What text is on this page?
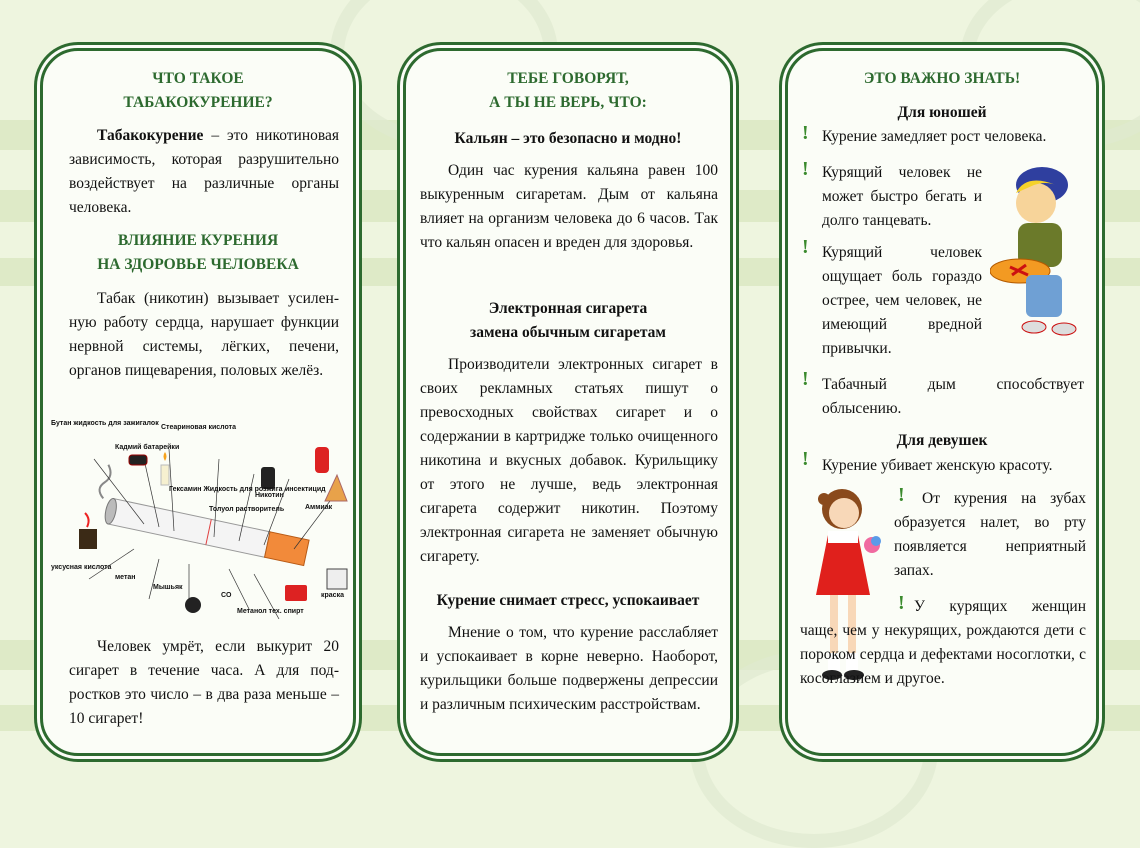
ЧТО ТАКОЕ
ТАБАКОКУРЕНИЕ?

Табакокурение – это никотиновая зависимость, которая разрушительно воздействует на различные органы человека.

ВЛИЯНИЕ КУРЕНИЯ
НА ЗДОРОВЬЕ ЧЕЛОВЕКА

Табак (никотин) вызывает усиленную работу сердца, нарушает функции нервной системы, лёгких, печени, органов пищеварения, половых желёз.

Бутан жидкость для зажигалок
Кадмий батарейки
Стеариновая кислота
Гексамин Жидкость для розжига
Никотин
инсектицид
Толуол растворитель	Аммиак
уксусная кислота
метан
Мышьяк
CO	краска
Метанол тех. спирт

Человек умрёт, если выкурит 20 сигарет в течение часа. А для подростков это число – в два раза меньше – 10 сигарет!

ТЕБЕ ГОВОРЯТ,
А ТЫ НЕ ВЕРЬ, ЧТО:

Кальян – это безопасно и модно!

Один час курения кальяна равен 100 выкуренным сигаретам. Дым от кальяна влияет на организм человека до 6 часов. Так что кальян опасен и вреден для здоровья.

Электронная сигарета
замена обычным сигаретам

Производители электронных сигарет в своих рекламных статьях пишут о превосходных свойствах сигарет и о содержании в картридже только очищенного никотина и вкусных добавок. Курильщику от этого не лучше, ведь электронная сигарета содержит никотин. Поэтому электронная сигарета не заменяет обычную сигарету.

Курение снимает стресс, успокаивает

Мнение о том, что курение расслабляет и успокаивает в корне неверно. Наоборот, курильщики больше подвержены депрессии и различным психическим расстройствам.

ЭТО ВАЖНО ЗНАТЬ!

Для юношей

! Курение замедляет рост человека.

! Курящий человек не может быстро бегать и долго танцевать.

! Курящий человек ощущает боль гораздо острее, чем человек, не имеющий вредной привычки.

! Табачный дым способствует облысению.

Для девушек

! Курение убивает женскую красоту.

!	От курения на зубах образуется налет, во рту появляется неприятный запах.

! У курящих женщин чаще, чем у некурящих, рождаются дети с пороком сердца и дефектами носоглотки, с косоглазием и другое.
